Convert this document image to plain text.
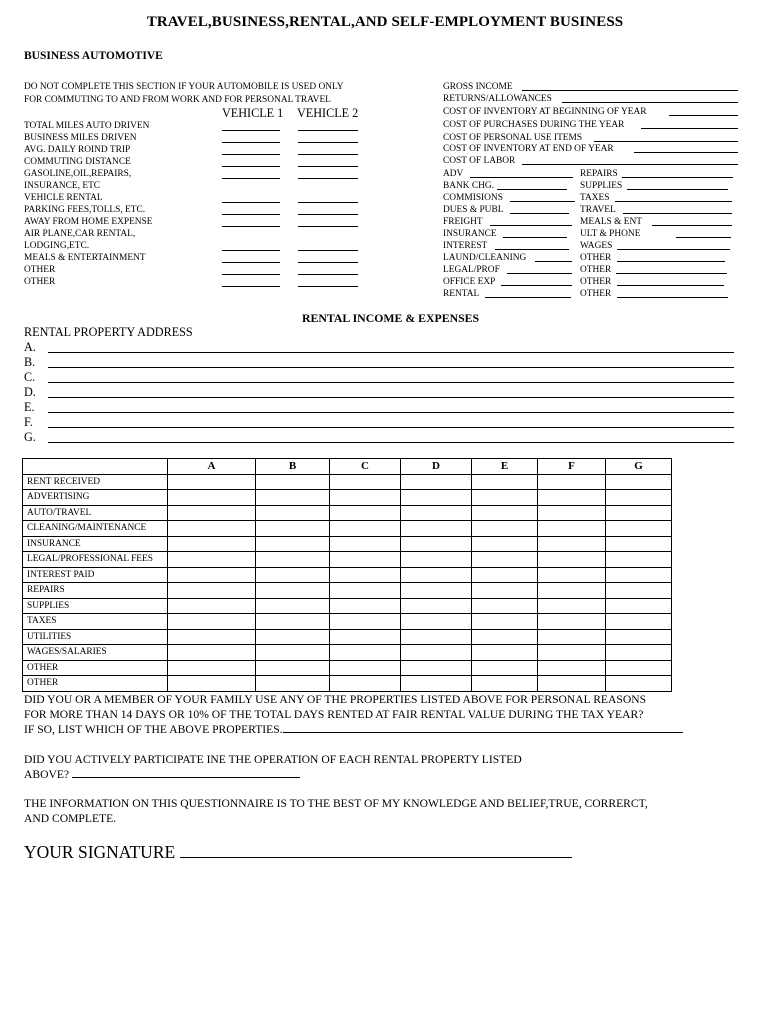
TRAVEL,BUSINESS,RENTAL,AND SELF-EMPLOYMENT BUSINESS
BUSINESS AUTOMOTIVE
DO NOT COMPLETE THIS SECTION IF YOUR AUTOMOBILE IS USED ONLY
FOR COMMUTING TO AND FROM WORK AND FOR PERSONAL TRAVEL
VEHICLE 1 VEHICLE 2
TOTAL MILES AUTO DRIVEN
BUSINESS MILES DRIVEN
AVG. DAILY ROIND TRIP
COMMUTING DISTANCE
GASOLINE,OIL,REPAIRS,
INSURANCE, ETC
VEHICLE RENTAL
PARKING FEES,TOLLS, ETC.
AWAY FROM HOME EXPENSE
AIR PLANE,CAR RENTAL,
LODGING,ETC.
MEALS & ENTERTAINMENT
OTHER
OTHER
GROSS INCOME
RETURNS/ALLOWANCES
COST OF INVENTORY AT BEGINNING OF YEAR
COST OF PURCHASES DURING THE YEAR
COST OF PERSONAL USE ITEMS
COST OF INVENTORY AT END OF YEAR
COST OF LABOR
ADV	REPAIRS
BANK CHG.	SUPPLIES
COMMISIONS	TAXES
DUES & PUBL	TRAVEL
FREIGHT	MEALS & ENT
INSURANCE	ULT & PHONE
INTEREST	WAGES
LAUND/CLEANING	OTHER
LEGAL/PROF	OTHER
OFFICE EXP	OTHER
RENTAL	OTHER
RENTAL INCOME & EXPENSES
RENTAL PROPERTY ADDRESS
A.
B.
C.
D.
E.
F.
G.
	A	B	C	D	E	F	G
RENT RECEIVED							
ADVERTISING							
AUTO/TRAVEL							
CLEANING/MAINTENANCE							
INSURANCE							
LEGAL/PROFESSIONAL FEES							
INTEREST PAID							
REPAIRS							
SUPPLIES							
TAXES							
UTILITIES							
WAGES/SALARIES							
OTHER							
OTHER							
DID YOU OR A MEMBER OF YOUR FAMILY USE ANY OF THE PROPERTIES LISTED ABOVE FOR PERSONAL REASONS
FOR MORE THAN 14 DAYS OR 10% OF THE TOTAL DAYS RENTED AT FAIR RENTAL VALUE DURING THE TAX YEAR?
IF SO, LIST WHICH OF THE ABOVE PROPERTIES.
DID YOU ACTIVELY PARTICIPATE INE THE OPERATION OF EACH RENTAL PROPERTY LISTED
ABOVE?
THE INFORMATION ON THIS QUESTIONNAIRE IS TO THE BEST OF MY KNOWLEDGE AND BELIEF,TRUE, CORRERCT,
AND COMPLETE.
YOUR SIGNATURE
